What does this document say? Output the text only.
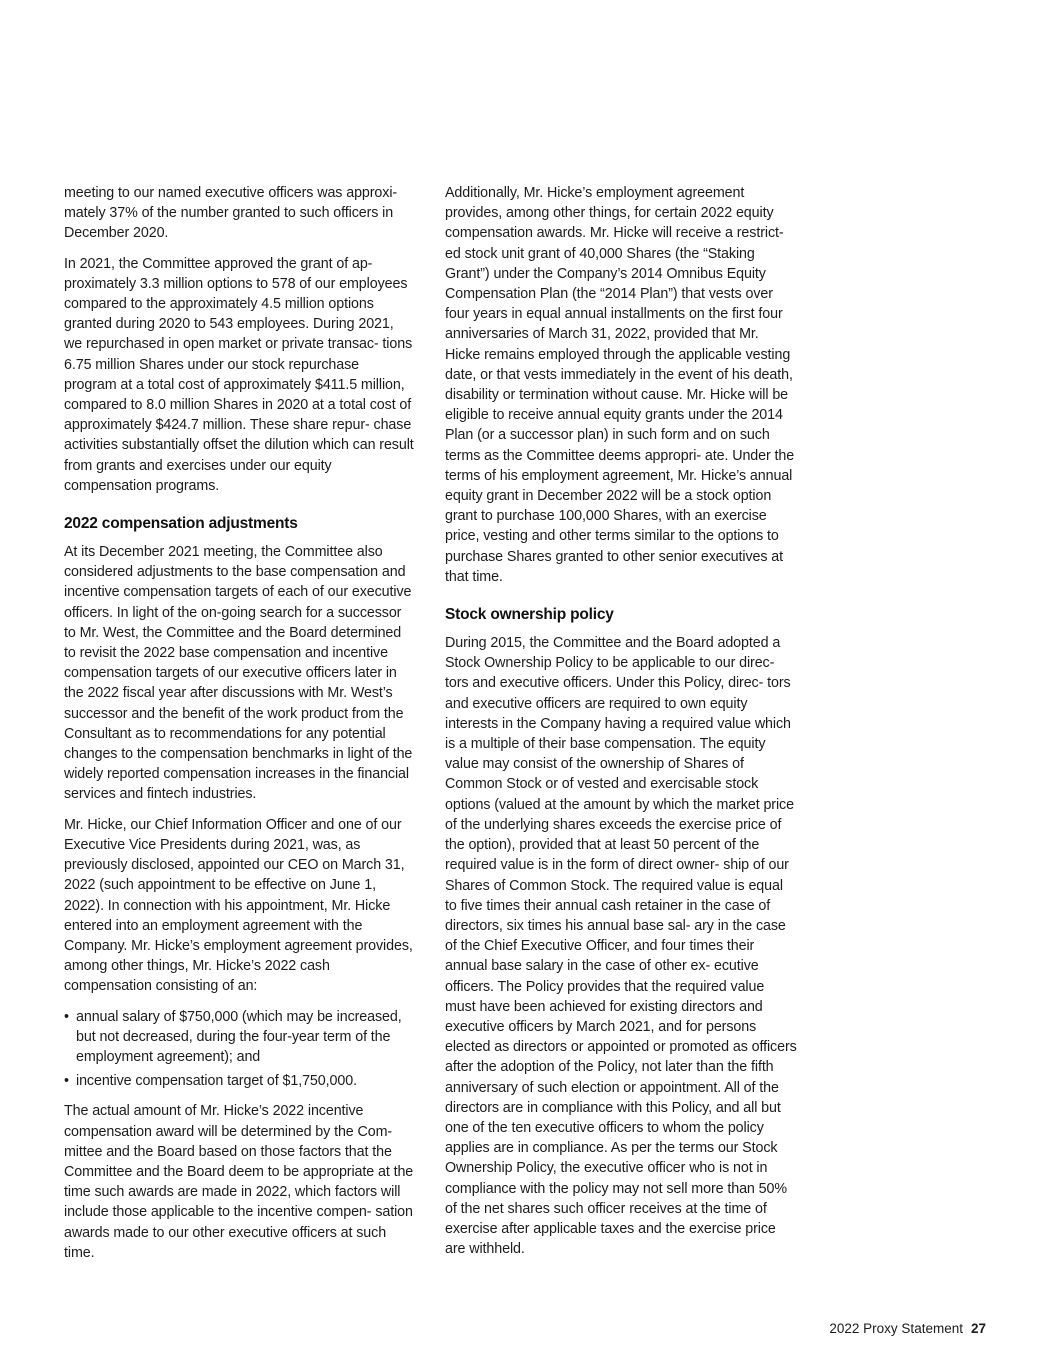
meeting to our named executive officers was approxi- mately 37% of the number granted to such officers in December 2020.

In 2021, the Committee approved the grant of ap- proximately 3.3 million options to 578 of our employees compared to the approximately 4.5 million options granted during 2020 to 543 employees. During 2021, we repurchased in open market or private transac- tions 6.75 million Shares under our stock repurchase program at a total cost of approximately $411.5 million, compared to 8.0 million Shares in 2020 at a total cost of approximately $424.7 million. These share repur- chase activities substantially offset the dilution which can result from grants and exercises under our equity compensation programs.

2022 compensation adjustments

At its December 2021 meeting, the Committee also considered adjustments to the base compensation and incentive compensation targets of each of our executive officers. In light of the on-going search for a successor to Mr. West, the Committee and the Board determined to revisit the 2022 base compensation and incentive compensation targets of our executive officers later in the 2022 fiscal year after discussions with Mr. West’s successor and the benefit of the work product from the Consultant as to recommendations for any potential changes to the compensation benchmarks in light of the widely reported compensation increases in the financial services and fintech industries.

Mr. Hicke, our Chief Information Officer and one of our Executive Vice Presidents during 2021, was, as previously disclosed, appointed our CEO on March 31, 2022 (such appointment to be effective on June 1, 2022). In connection with his appointment, Mr. Hicke entered into an employment agreement with the Company. Mr. Hicke’s employment agreement provides, among other things, Mr. Hicke’s 2022 cash compensation consisting of an:

• annual salary of $750,000 (which may be increased, but not decreased, during the four-year term of the employment agreement); and
• incentive compensation target of $1,750,000.

The actual amount of Mr. Hicke’s 2022 incentive compensation award will be determined by the Com- mittee and the Board based on those factors that the Committee and the Board deem to be appropriate at the time such awards are made in 2022, which factors will include those applicable to the incentive compen- sation awards made to our other executive officers at such time.

Additionally, Mr. Hicke’s employment agreement provides, among other things, for certain 2022 equity compensation awards. Mr. Hicke will receive a restrict- ed stock unit grant of 40,000 Shares (the “Staking Grant”) under the Company’s 2014 Omnibus Equity Compensation Plan (the “2014 Plan”) that vests over four years in equal annual installments on the first four anniversaries of March 31, 2022, provided that Mr. Hicke remains employed through the applicable vesting date, or that vests immediately in the event of his death, disability or termination without cause. Mr. Hicke will be eligible to receive annual equity grants under the 2014 Plan (or a successor plan) in such form and on such terms as the Committee deems appropri- ate. Under the terms of his employment agreement, Mr. Hicke’s annual equity grant in December 2022 will be a stock option grant to purchase 100,000 Shares, with an exercise price, vesting and other terms similar to the options to purchase Shares granted to other senior executives at that time.

Stock ownership policy

During 2015, the Committee and the Board adopted a Stock Ownership Policy to be applicable to our direc- tors and executive officers. Under this Policy, direc- tors and executive officers are required to own equity interests in the Company having a required value which is a multiple of their base compensation. The equity value may consist of the ownership of Shares of Common Stock or of vested and exercisable stock options (valued at the amount by which the market price of the underlying shares exceeds the exercise price of the option), provided that at least 50 percent of the required value is in the form of direct owner- ship of our Shares of Common Stock. The required value is equal to five times their annual cash retainer in the case of directors, six times his annual base sal- ary in the case of the Chief Executive Officer, and four times their annual base salary in the case of other ex- ecutive officers. The Policy provides that the required value must have been achieved for existing directors and executive officers by March 2021, and for persons elected as directors or appointed or promoted as officers after the adoption of the Policy, not later than the fifth anniversary of such election or appointment. All of the directors are in compliance with this Policy, and all but one of the ten executive officers to whom the policy applies are in compliance. As per the terms our Stock Ownership Policy, the executive officer who is not in compliance with the policy may not sell more than 50% of the net shares such officer receives at the time of exercise after applicable taxes and the exercise price are withheld.

2022 Proxy Statement 27
